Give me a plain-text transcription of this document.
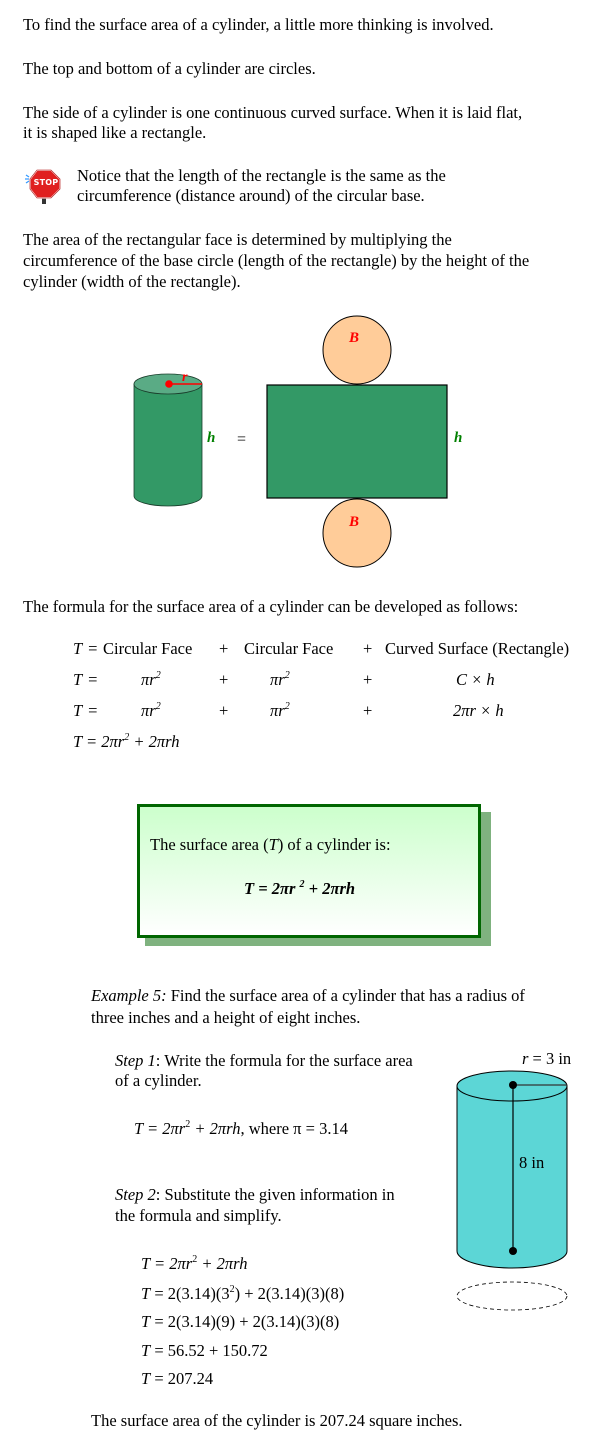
To find the surface area of a cylinder, a little more thinking is involved.
The top and bottom of a cylinder are circles.
The side of a cylinder is one continuous curved surface. When it is laid flat,
it is shaped like a rectangle.
STOP Notice that the length of the rectangle is the same as the
circumference (distance around) of the circular base.
The area of the rectangular face is determined by multiplying the
circumference of the base circle (length of the rectangle) by the height of the
cylinder (width of the rectangle).
r
h =
B
B
h
The formula for the surface area of a cylinder can be developed as follows:
T = Circular Face + Circular Face + Curved Surface (Rectangle)
T =	$\pi r^2$	+	$\pi r^2$	+	C × h
T =	$\pi r^2$	+	$\pi r^2$	+	2πr × h
$T = 2\pi r^2 + 2\pi rh$
The surface area (T) of a cylinder is:
T = 2πr $^2$ + 2πrh
Example 5: Find the surface area of a cylinder that has a radius of
three inches and a height of eight inches.
Step 1: Write the formula for the surface area
of a cylinder.
$T = 2\pi r^2 + 2\pi rh$, where π = 3.14
Step 2: Substitute the given information in
the formula and simplify.
$T = 2\pi r^2 + 2\pi rh$
$T = 2(3.14)(3^2) + 2(3.14)(3)(8)$
T = 2(3.14)(9) + 2(3.14)(3)(8)
T = 56.52 + 150.72
T = 207.24
r = 3 in
8 in
The surface area of the cylinder is 207.24 square inches.
